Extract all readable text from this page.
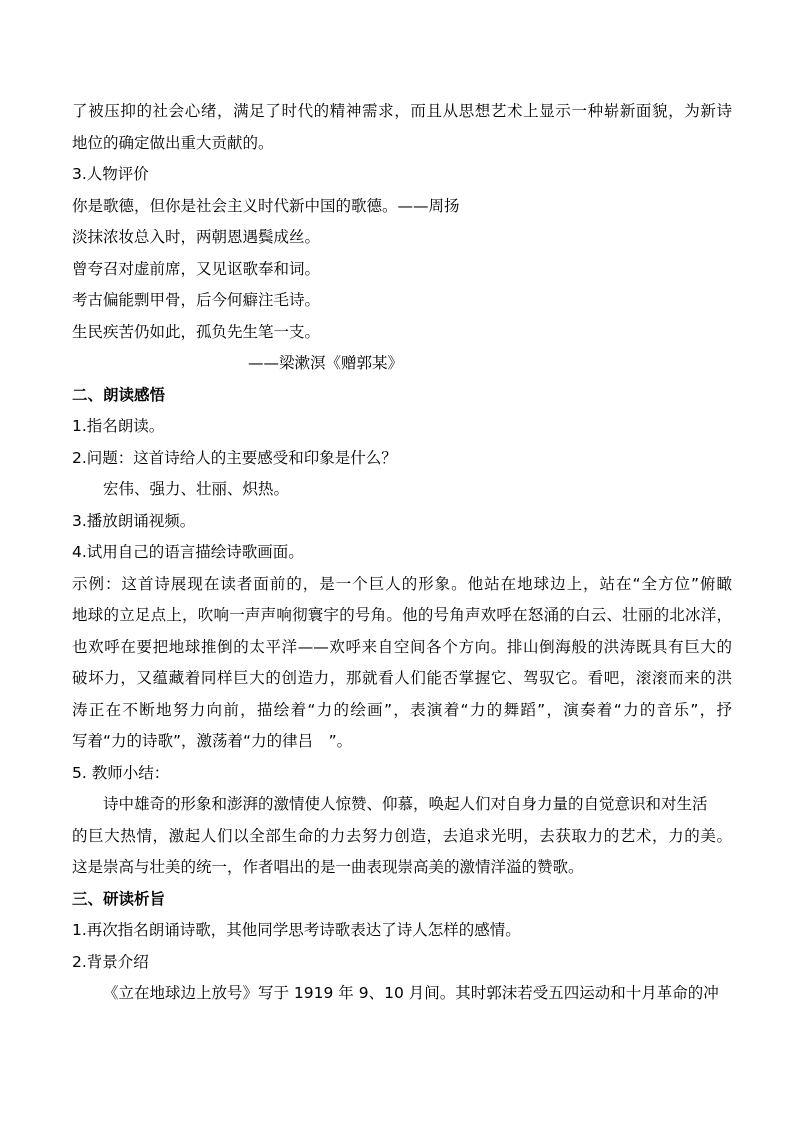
了被压抑的社会心绪，满足了时代的精神需求，而且从思想艺术上显示一种崭新面貌，为新诗
地位的确定做出重大贡献的。
3.人物评价
你是歌德，但你是社会主义时代新中国的歌德。——周扬
淡抹浓妆总入时，两朝恩遇鬓成丝。
曾夸召对虚前席，又见讴歌奉和词。
考古偏能剽甲骨，后今何癖注毛诗。
生民疾苦仍如此，孤负先生笔一支。
——梁漱溟《赠郭某》
二、朗读感悟
1.指名朗读。
2.问题：这首诗给人的主要感受和印象是什么？
宏伟、强力、壮丽、炽热。
3.播放朗诵视频。
4.试用自己的语言描绘诗歌画面。
示例：这首诗展现在读者面前的，是一个巨人的形象。他站在地球边上，站在“全方位”俯瞰
地球的立足点上，吹响一声声响彻寰宇的号角。他的号角声欢呼在怒涌的白云、壮丽的北冰洋，
也欢呼在要把地球推倒的太平洋——欢呼来自空间各个方向。排山倒海般的洪涛既具有巨大的
破坏力，又蕴藏着同样巨大的创造力，那就看人们能否掌握它、驾驭它。看吧，滚滚而来的洪
涛正在不断地努力向前，描绘着“力的绘画”，表演着“力的舞蹈”，演奏着“力的音乐”，抒
写着“力的诗歌”，激荡着“力的律吕　”。
5. 教师小结：
诗中雄奇的形象和澎湃的激情使人惊赞、仰慕，唤起人们对自身力量的自觉意识和对生活
的巨大热情，激起人们以全部生命的力去努力创造，去追求光明，去获取力的艺术，力的美。
这是崇高与壮美的统一，作者唱出的是一曲表现崇高美的激情洋溢的赞歌。
三、研读析旨
1.再次指名朗诵诗歌，其他同学思考诗歌表达了诗人怎样的感情。
2.背景介绍
《立在地球边上放号》写于 1919 年 9、10 月间。其时郭沫若受五四运动和十月革命的冲
